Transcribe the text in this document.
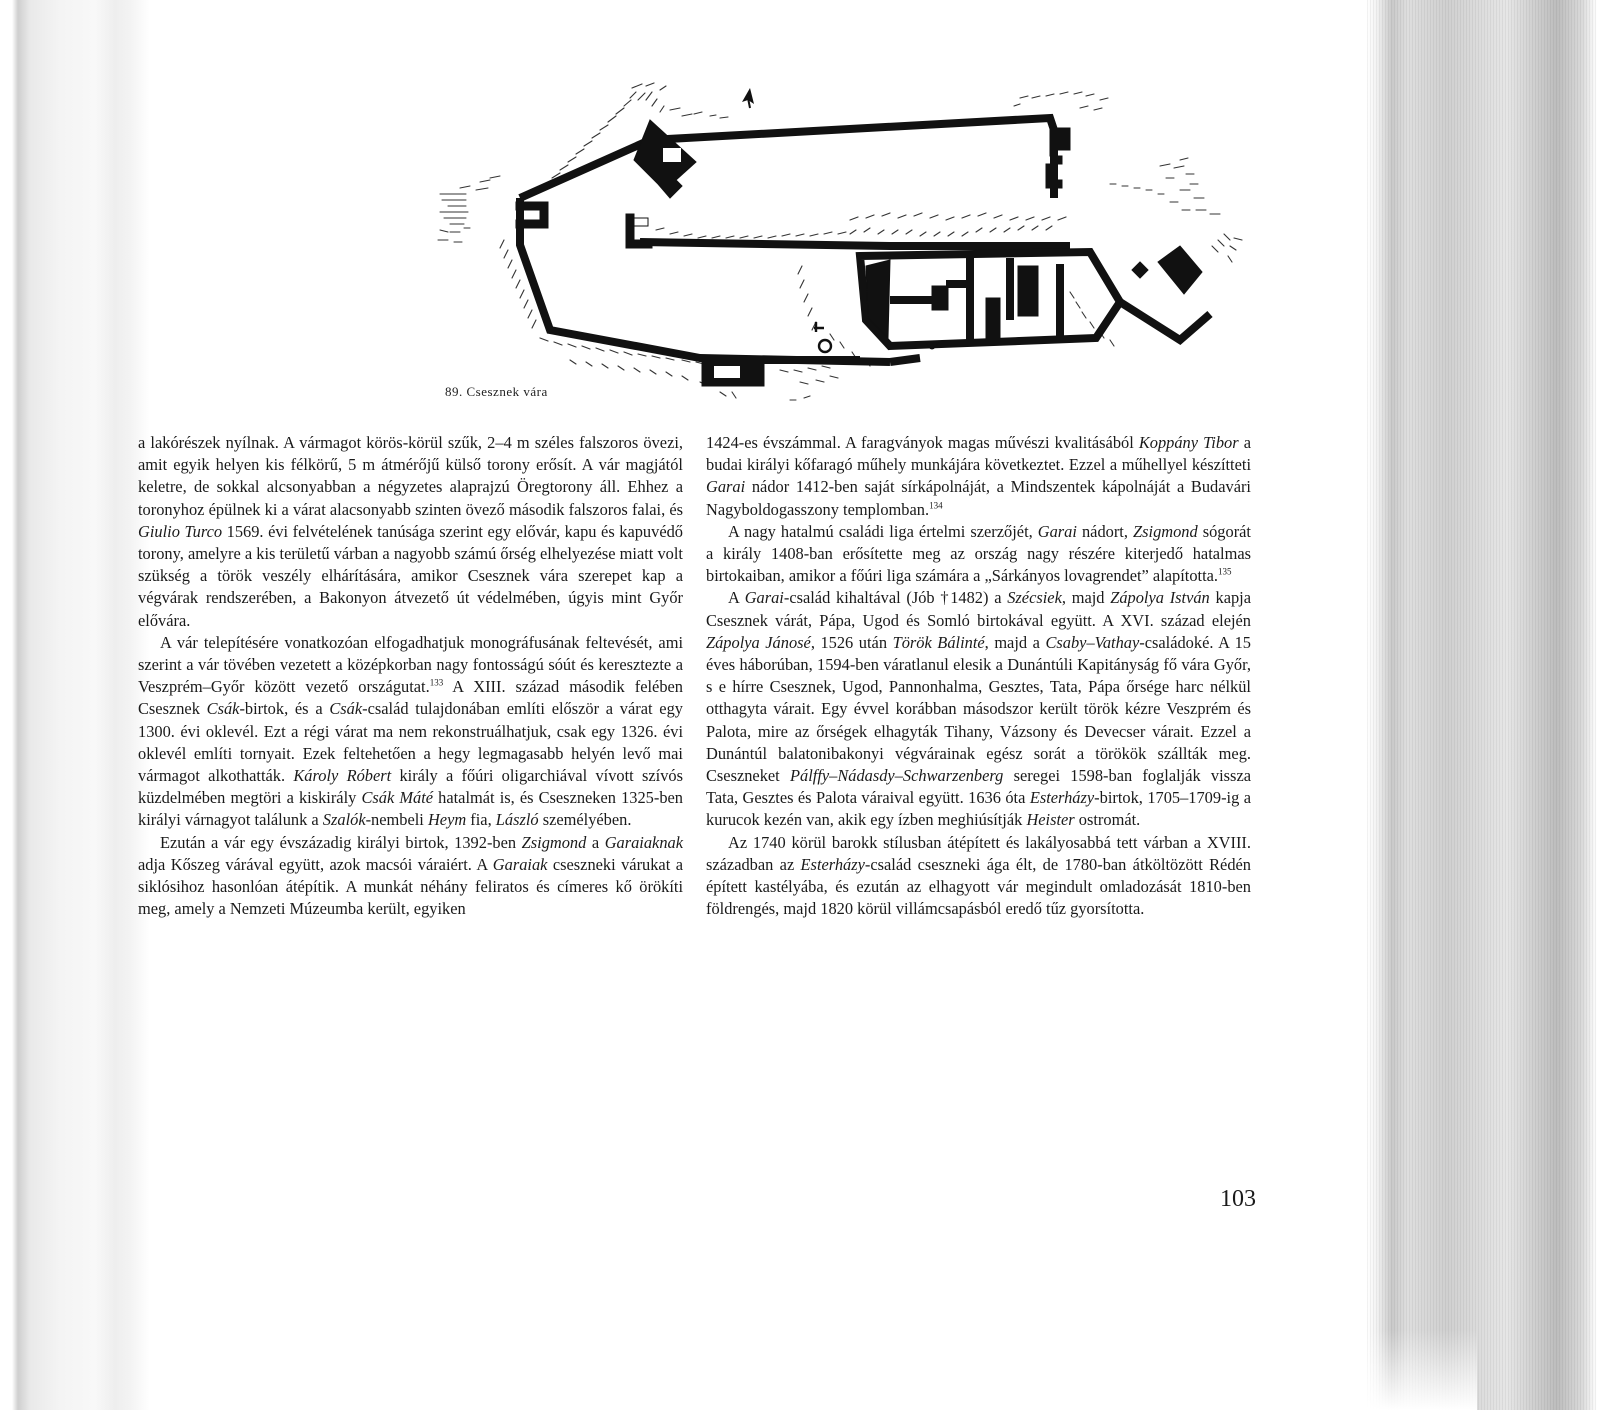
89. Csesznek vára

a lakórészek nyílnak. A vármagot körös-körül szűk, 2–4 m széles falszoros övezi, amit egyik helyen kis félkörű, 5 m átmérőjű külső torony erősít. A vár magjától keletre, de sokkal alcsonyabban a négyzetes alaprajzú Öregtorony áll. Ehhez a toronyhoz épülnek ki a várat alacsonyabb szinten övező második falszoros falai, és Giulio Turco 1569. évi felvételének tanúsága szerint egy elővár, kapu és kapuvédő torony, amelyre a kis területű várban a nagyobb számú őrség elhelyezése miatt volt szükség a török veszély elhárítására, amikor Csesznek vára szerepet kap a végvárak rendszerében, a Bakonyon átvezető út védelmében, úgyis mint Győr elővára.

A vár telepítésére vonatkozóan elfogadhatjuk monográfusának feltevését, ami szerint a vár tövében vezetett a középkorban nagy fontosságú sóút és keresztezte a Veszprém–Győr között vezető országutat.$^{133}$ A XIII. század második felében Csesznek Csák-birtok, és a Csák-család tulajdonában említi először a várat egy 1300. évi oklevél. Ezt a régi várat ma nem rekonstruálhatjuk, csak egy 1326. évi oklevél említi tornyait. Ezek feltehetően a hegy legmagasabb helyén levő mai vármagot alkothatták. Károly Róbert király a főúri oligarchiával vívott szívós küzdelmében megtöri a kiskirály Csák Máté hatalmát is, és Cseszneken 1325-ben királyi várnagyot találunk a Szalók-nembeli Heym fia, László személyében.

Ezután a vár egy évszázadig királyi birtok, 1392-ben Zsigmond a Garaiaknak adja Kőszeg várával együtt, azok macsói váraiért. A Garaiak csesznek​i várukat a siklósihoz hasonlóan átépítik. A munkát néhány feliratos és címeres kő örökíti meg, amely a Nemzeti Múzeumba került, egyiken

1424-es évszámmal. A faragványok magas művészi kvalitásából Koppány Tibor a budai királyi kőfaragó műhely munkájára következtet. Ezzel a műhellyel készítteti Garai nádor 1412-ben saját sírkápolnáját, a Mindszentek kápolnáját a Budavári Nagyboldogasszony templomban.$^{134}$

A nagy hatalmú családi liga értelmi szerzőjét, Garai nádort, Zsigmond sógorát a király 1408-ban erősítette meg az ország nagy részére kiterjedő hatalmas birtokaiban, amikor a főúri liga számára a „Sárkányos lovagrendet” alapította.$^{135}$

A Garai-család kihaltával (Jób †1482) a Szécsiek, majd Zápolya István kapja Csesznek várát, Pápa, Ugod és Somló birtokával együtt. A XVI. század elején Zápolya Jánosé, 1526 után Török Bálinté, majd a Csaby–Vathay-családoké. A 15 éves háborúban, 1594-ben váratlanul elesik a Dunántúli Kapitányság fő vára Győr, s e hírre Csesznek, Ugod, Pannonhalma, Gesztes, Tata, Pápa őrsége harc nélkül otthagyta várait. Egy évvel korábban másodszor került török kézre Veszprém és Palota, mire az őrségek elhagyták Tihany, Vázsony és Devecser várait. Ezzel a Dunántúl balatonibakonyi végvárainak egész sorát a törökök szállták meg. Csesznek​et Pálffy–Nádasdy–Schwarzenberg seregei 1598-ban foglalják vissza Tata, Gesztes és Palota váraival együtt. 1636 óta Esterházy-birtok, 1705–1709-ig a kurucok kezén van, akik egy ízben meghiúsítják Heister ostromát.

Az 1740 körül barokk stílusban átépített és lakályosabbá tett várban a XVIII. században az Esterházy-család csesznek​i ága élt, de 1780-ban átköltözött Rédén épített kastélyába, és ezután az elhagyott vár megindult omladozását 1810-ben földrengés, majd 1820 körül villámcsapásból eredő tűz gyorsította.

103
